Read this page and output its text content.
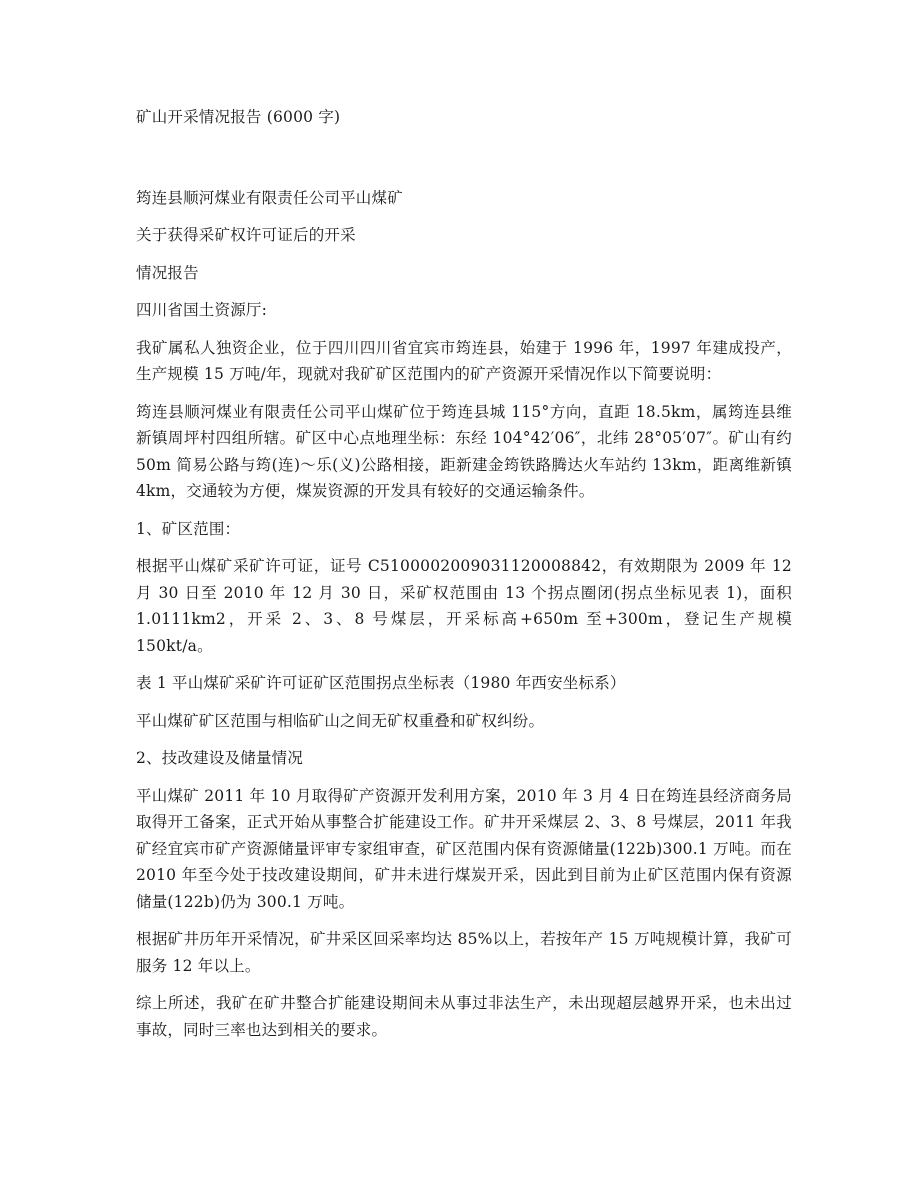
矿山开采情况报告 (6000 字)

筠连县顺河煤业有限责任公司平山煤矿

关于获得采矿权许可证后的开采

情况报告

四川省国土资源厅:

我矿属私人独资企业，位于四川四川省宜宾市筠连县，始建于 1996 年，1997 年建成投产，生产规模 15 万吨/年，现就对我矿矿区范围内的矿产资源开采情况作以下简要说明：

筠连县顺河煤业有限责任公司平山煤矿位于筠连县城 115°方向，直距 18.5km，属筠连县维新镇周坪村四组所辖。矿区中心点地理坐标：东经 104°42′06″，北纬 28°05′07″。矿山有约 50m 简易公路与筠(连)～乐(义)公路相接，距新建金筠铁路腾达火车站约 13km，距离维新镇 4km，交通较为方便，煤炭资源的开发具有较好的交通运输条件。

1、矿区范围：

根据平山煤矿采矿许可证，证号 C5100002009031120008842，有效期限为 2009 年 12 月 30 日至 2010 年 12 月 30 日，采矿权范围由 13 个拐点圈闭(拐点坐标见表 1)，面积 1.0111km2，开采 2、3、8 号煤层，开采标高+650m 至+300m，登记生产规模 150kt/a。

表 1 平山煤矿采矿许可证矿区范围拐点坐标表（1980 年西安坐标系）

平山煤矿矿区范围与相临矿山之间无矿权重叠和矿权纠纷。

2、技改建设及储量情况

平山煤矿 2011 年 10 月取得矿产资源开发利用方案，2010 年 3 月 4 日在筠连县经济商务局取得开工备案，正式开始从事整合扩能建设工作。矿井开采煤层 2、3、8 号煤层，2011 年我矿经宜宾市矿产资源储量评审专家组审查，矿区范围内保有资源储量(122b)300.1 万吨。而在 2010 年至今处于技改建设期间，矿井未进行煤炭开采，因此到目前为止矿区范围内保有资源储量(122b)仍为 300.1 万吨。

根据矿井历年开采情况，矿井采区回采率均达 85%以上，若按年产 15 万吨规模计算，我矿可服务 12 年以上。

综上所述，我矿在矿井整合扩能建设期间未从事过非法生产，未出现超层越界开采，也未出过事故，同时三率也达到相关的要求。
